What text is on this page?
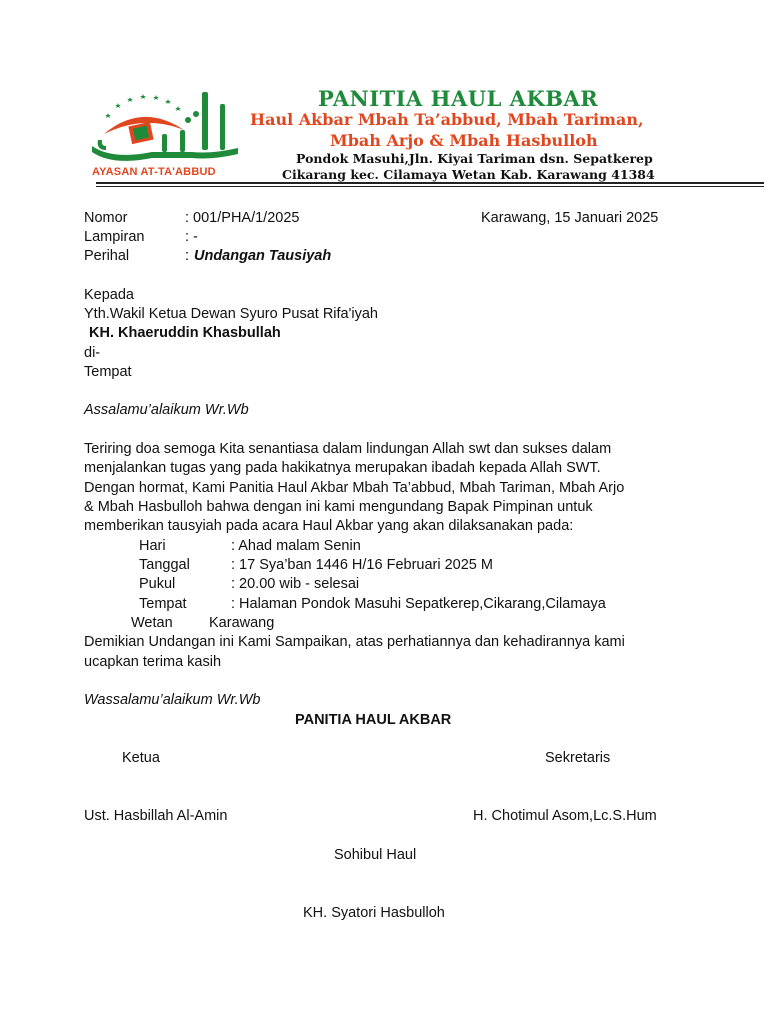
AYASAN AT-TA'ABBUD
PANITIA HAUL AKBAR
Haul Akbar Mbah Ta’abbud, Mbah Tariman,
Mbah Arjo & Mbah Hasbulloh
Pondok Masuhi,Jln. Kiyai Tariman dsn. Sepatkerep
Cikarang kec. Cilamaya Wetan Kab. Karawang 41384
Nomor	: 001/PHA/1/2025	Karawang, 15 Januari 2025
Lampiran	: -
Perihal	: Undangan Tausiyah
Kepada
Yth.Wakil Ketua Dewan Syuro Pusat Rifa'iyah
KH. Khaeruddin Khasbullah
di-
Tempat
Assalamu’alaikum Wr.Wb
Teriring doa semoga Kita senantiasa dalam lindungan Allah swt dan sukses dalam
menjalankan tugas yang pada hakikatnya merupakan ibadah kepada Allah SWT.
Dengan hormat, Kami Panitia Haul Akbar Mbah Ta’abbud, Mbah Tariman, Mbah Arjo
& Mbah Hasbulloh bahwa dengan ini kami mengundang Bapak Pimpinan untuk
memberikan tausyiah pada acara Haul Akbar yang akan dilaksanakan pada:
Hari	: Ahad malam Senin
Tanggal	: 17 Sya’ban 1446 H/16 Februari 2025 M
Pukul	: 20.00 wib - selesai
Tempat	: Halaman Pondok Masuhi Sepatkerep,Cikarang,Cilamaya
Wetan	Karawang
Demikian Undangan ini Kami Sampaikan, atas perhatiannya dan kehadirannya kami
ucapkan terima kasih
Wassalamu’alaikum Wr.Wb
PANITIA HAUL AKBAR
Ketua	Sekretaris
Ust. Hasbillah Al-Amin	H. Chotimul Asom,Lc.S.Hum
Sohibul Haul
KH. Syatori Hasbulloh
